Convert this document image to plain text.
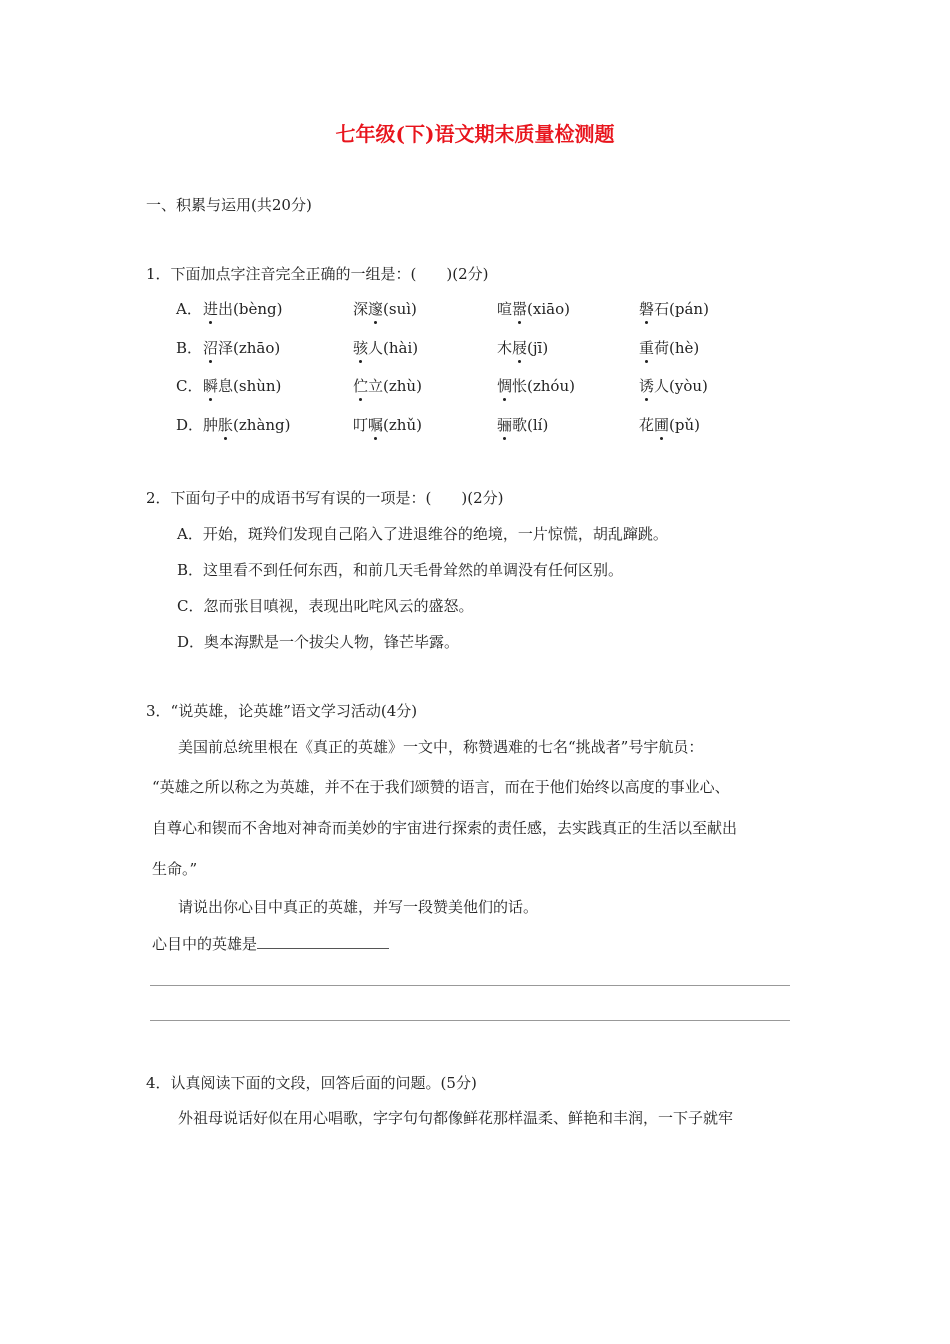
七年级(下)语文期末质量检测题
一、积累与运用(共20分)
1．下面加点字注音完全正确的一组是：(　　)(2分)
A． 进出(bèng)	深邃(suì)	喧嚣(xiāo)	磐石(pán)
B． 沼泽(zhāo)	骇人(hài)	木屐(jī)	重荷(hè)
C． 瞬息(shùn)	伫立(zhù)	惆怅(zhóu)	诱人(yòu)
D． 肿胀(zhàng)	叮嘱(zhǔ)	骊歌(lí)	花圃(pǔ)
2．下面句子中的成语书写有误的一项是：(　　)(2分)
A．开始，斑羚们发现自己陷入了进退维谷的绝境，一片惊慌，胡乱蹿跳。
B．这里看不到任何东西，和前几天毛骨耸然的单调没有任何区别。
C．忽而张目嗔视，表现出叱咤风云的盛怒。
D．奥本海默是一个拔尖人物，锋芒毕露。
3．“说英雄，论英雄”语文学习活动(4分)
美国前总统里根在《真正的英雄》一文中，称赞遇难的七名“挑战者”号宇航员：
“英雄之所以称之为英雄，并不在于我们颂赞的语言，而在于他们始终以高度的事业心、
自尊心和锲而不舍地对神奇而美妙的宇宙进行探索的责任感，去实践真正的生活以至献出
生命。”
请说出你心目中真正的英雄，并写一段赞美他们的话。
心目中的英雄是
4．认真阅读下面的文段，回答后面的问题。(5分)
外祖母说话好似在用心唱歌，字字句句都像鲜花那样温柔、鲜艳和丰润，一下子就牢
